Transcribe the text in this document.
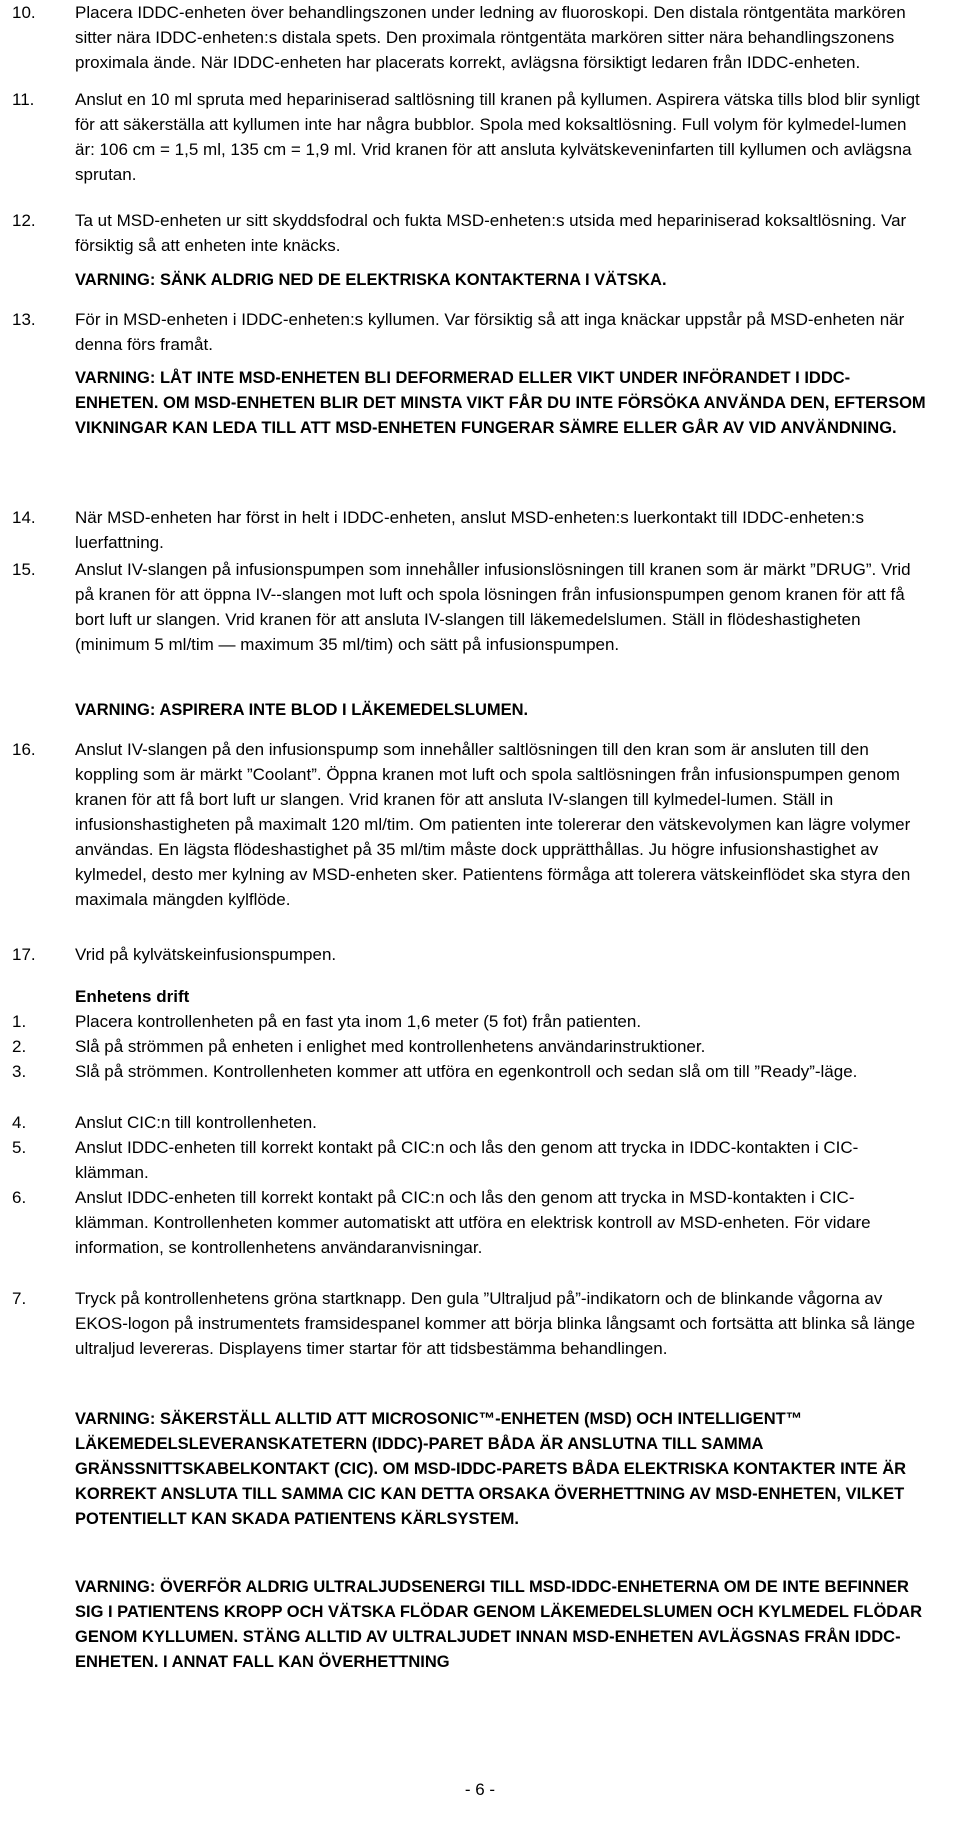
10. Placera IDDC-enheten över behandlingszonen under ledning av fluoroskopi. Den distala röntgentäta markören sitter nära IDDC-enheten:s distala spets. Den proximala röntgentäta markören sitter nära behandlingszonens proximala ände. När IDDC-enheten har placerats korrekt, avlägsna försiktigt ledaren från IDDC-enheten.
11. Anslut en 10 ml spruta med hepariniserad saltlösning till kranen på kyllumen. Aspirera vätska tills blod blir synligt för att säkerställa att kyllumen inte har några bubblor. Spola med koksaltlösning. Full volym för kylmedel-lumen är: 106 cm = 1,5 ml, 135 cm = 1,9 ml. Vrid kranen för att ansluta kylvätskeveninfarten till kyllumen och avlägsna sprutan.
12. Ta ut MSD-enheten ur sitt skyddsfodral och fukta MSD-enheten:s utsida med hepariniserad koksaltlösning. Var försiktig så att enheten inte knäcks.
VARNING: SÄNK ALDRIG NED DE ELEKTRISKA KONTAKTERNA I VÄTSKA.
13. För in MSD-enheten i IDDC-enheten:s kyllumen. Var försiktig så att inga knäckar uppstår på MSD-enheten när denna förs framåt.
VARNING: LÅT INTE MSD-ENHETEN BLI DEFORMERAD ELLER VIKT UNDER INFÖRANDET I IDDC-ENHETEN. OM MSD-ENHETEN BLIR DET MINSTA VIKT FÅR DU INTE FÖRSÖKA ANVÄNDA DEN, EFTERSOM VIKNINGAR KAN LEDA TILL ATT MSD-ENHETEN FUNGERAR SÄMRE ELLER GÅR AV VID ANVÄNDNING.
14. När MSD-enheten har först in helt i IDDC-enheten, anslut MSD-enheten:s luerkontakt till IDDC-enheten:s luerfattning.
15. Anslut IV-slangen på infusionspumpen som innehåller infusionslösningen till kranen som är märkt ”DRUG”. Vrid på kranen för att öppna IV--slangen mot luft och spola lösningen från infusionspumpen genom kranen för att få bort luft ur slangen. Vrid kranen för att ansluta IV-slangen till läkemedelslumen. Ställ in flödeshastigheten (minimum 5 ml/tim — maximum 35 ml/tim) och sätt på infusionspumpen.
VARNING: ASPIRERA INTE BLOD I LÄKEMEDELSLUMEN.
16. Anslut IV-slangen på den infusionspump som innehåller saltlösningen till den kran som är ansluten till den koppling som är märkt ”Coolant”. Öppna kranen mot luft och spola saltlösningen från infusionspumpen genom kranen för att få bort luft ur slangen. Vrid kranen för att ansluta IV-slangen till kylmedel-lumen. Ställ in infusionshastigheten på maximalt 120 ml/tim. Om patienten inte tolererar den vätskevolymen kan lägre volymer användas. En lägsta flödeshastighet på 35 ml/tim måste dock upprätthållas. Ju högre infusionshastighet av kylmedel, desto mer kylning av MSD-enheten sker. Patientens förmåga att tolerera vätskeinflödet ska styra den maximala mängden kylflöde.
17. Vrid på kylvätskeinfusionspumpen.
Enhetens drift
1.	Placera kontrollenheten på en fast yta inom 1,6 meter (5 fot) från patienten.
2.	Slå på strömmen på enheten i enlighet med kontrollenhetens användarinstruktioner.
3.	Slå på strömmen. Kontrollenheten kommer att utföra en egenkontroll och sedan slå om till ”Ready”-läge.
4.	Anslut CIC:n till kontrollenheten.
5.	Anslut IDDC-enheten till korrekt kontakt på CIC:n och lås den genom att trycka in IDDC-kontakten i CIC-klämman.
6.	Anslut IDDC-enheten till korrekt kontakt på CIC:n och lås den genom att trycka in MSD-kontakten i CIC-klämman. Kontrollenheten kommer automatiskt att utföra en elektrisk kontroll av MSD-enheten. För vidare information, se kontrollenhetens användaranvisningar.
7.	Tryck på kontrollenhetens gröna startknapp. Den gula ”Ultraljud på”-indikatorn och de blinkande vågorna av EKOS-logon på instrumentets framsidespanel kommer att börja blinka långsamt och fortsätta att blinka så länge ultraljud levereras. Displayens timer startar för att tidsbestämma behandlingen.
VARNING: SÄKERSTÄLL ALLTID ATT MICROSONIC™-ENHETEN (MSD) OCH INTELLIGENT™ LÄKEMEDELSLEVERANSKATETERN (IDDC)-PARET BÅDA ÄR ANSLUTNA TILL SAMMA GRÄNSSNITTSKABELKONTAKT (CIC). OM MSD-IDDC-PARETS BÅDA ELEKTRISKA KONTAKTER INTE ÄR KORREKT ANSLUTA TILL SAMMA CIC KAN DETTA ORSAKA ÖVERHETTNING AV MSD-ENHETEN, VILKET POTENTIELLT KAN SKADA PATIENTENS KÄRLSYSTEM.
VARNING: ÖVERFÖR ALDRIG ULTRALJUDSENERGI TILL MSD-IDDC-ENHETERNA OM DE INTE BEFINNER SIG I PATIENTENS KROPP OCH VÄTSKA FLÖDAR GENOM LÄKEMEDELSLUMEN OCH KYLMEDEL FLÖDAR GENOM KYLLUMEN. STÄNG ALLTID AV ULTRALJUDET INNAN MSD-ENHETEN AVLÄGSNAS FRÅN IDDC-ENHETEN. I ANNAT FALL KAN ÖVERHETTNING
- 6 -
